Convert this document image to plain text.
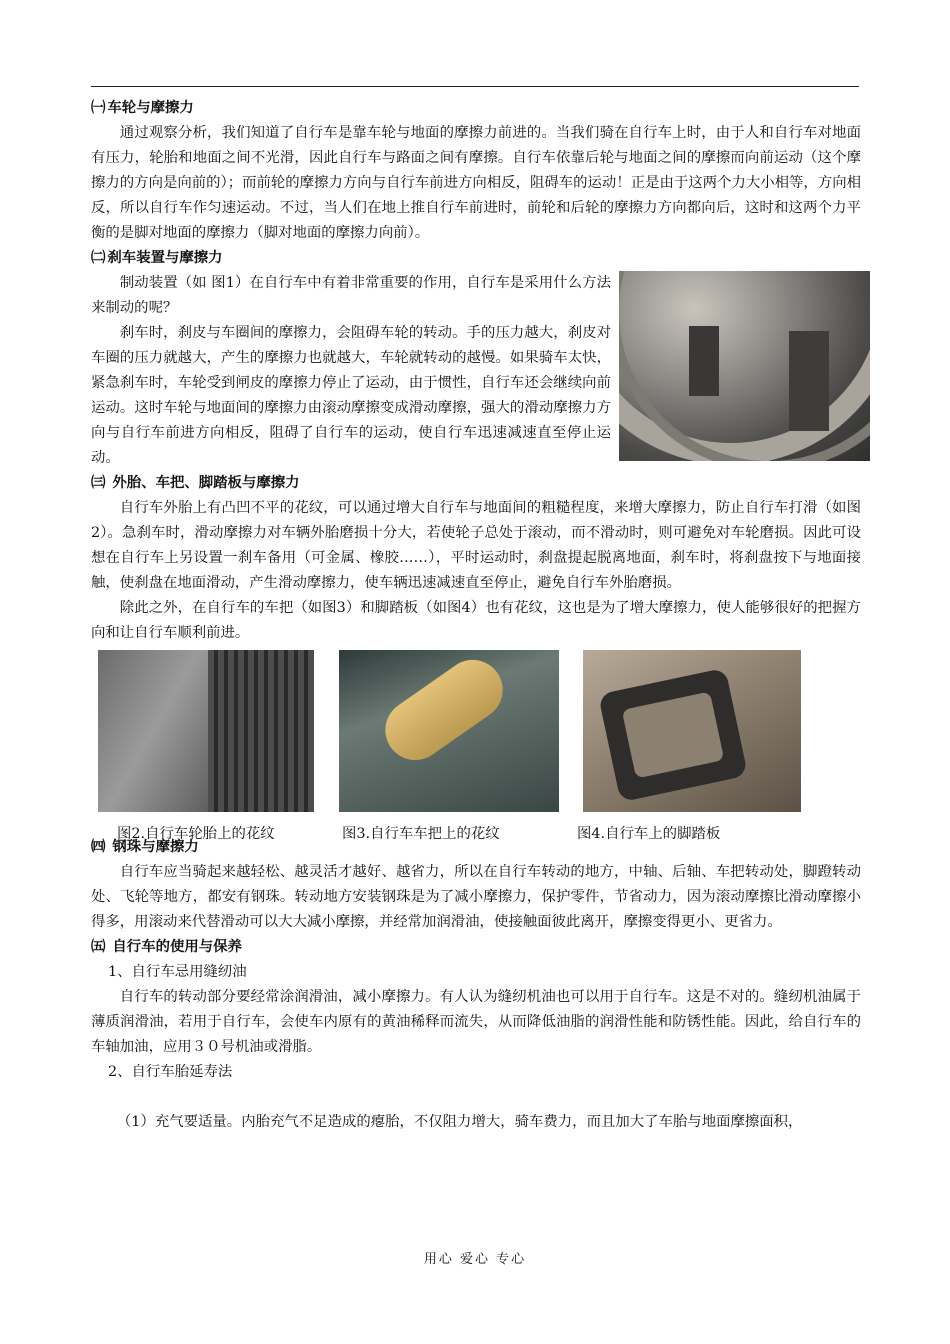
㈠ 车轮与摩擦力

通过观察分析，我们知道了自行车是靠车轮与地面的摩擦力前进的。当我们骑在自行车上时，由于人和自行车对地面有压力，轮胎和地面之间不光滑，因此自行车与路面之间有摩擦。自行车依靠后轮与地面之间的摩擦而向前运动（这个摩擦力的方向是向前的）；而前轮的摩擦力方向与自行车前进方向相反，阻碍车的运动！正是由于这两个力大小相等，方向相反，所以自行车作匀速运动。不过，当人们在地上推自行车前进时，前轮和后轮的摩擦力方向都向后，这时和这两个力平衡的是脚对地面的摩擦力（脚对地面的摩擦力向前）。

㈡ 刹车装置与摩擦力

制动装置（如 图1）在自行车中有着非常重要的作用，自行车是采用什么方法来制动的呢？

刹车时，刹皮与车圈间的摩擦力，会阻碍车轮的转动。手的压力越大，刹皮对车圈的压力就越大，产生的摩擦力也就越大，车轮就转动的越慢。如果骑车太快，紧急刹车时，车轮受到闸皮的摩擦力停止了运动，由于惯性，自行车还会继续向前运动。这时车轮与地面间的摩擦力由滚动摩擦变成滑动摩擦，强大的滑动摩擦力方向与自行车前进方向相反，阻碍了自行车的运动，使自行车迅速减速直至停止运动。

㈢ 外胎、车把、脚踏板与摩擦力

自行车外胎上有凸凹不平的花纹，可以通过增大自行车与地面间的粗糙程度，来增大摩擦力，防止自行车打滑（如图2）。急刹车时，滑动摩擦力对车辆外胎磨损十分大，若使轮子总处于滚动，而不滑动时，则可避免对车轮磨损。因此可设想在自行车上另设置一刹车备用（可金属、橡胶……），平时运动时，刹盘提起脱离地面，刹车时，将刹盘按下与地面接触，使刹盘在地面滑动，产生滑动摩擦力，使车辆迅速减速直至停止，避免自行车外胎磨损。

除此之外，在自行车的车把（如图3）和脚踏板（如图4）也有花纹，这也是为了增大摩擦力，使人能够很好的把握方向和让自行车顺利前进。

图2.自行车轮胎上的花纹	图3.自行车车把上的花纹	图4.自行车上的脚踏板
㈣ 钢珠与摩擦力

自行车应当骑起来越轻松、越灵活才越好、越省力，所以在自行车转动的地方，中轴、后轴、车把转动处，脚蹬转动处、飞轮等地方，都安有钢珠。转动地方安装钢珠是为了减小摩擦力，保护零件，节省动力，因为滚动摩擦比滑动摩擦小得多，用滚动来代替滑动可以大大减小摩擦，并经常加润滑油，使接触面彼此离开，摩擦变得更小、更省力。

㈤ 自行车的使用与保养
1、自行车忌用缝纫油

自行车的转动部分要经常涂润滑油，减小摩擦力。有人认为缝纫机油也可以用于自行车。这是不对的。缝纫机油属于薄质润滑油，若用于自行车，会使车内原有的黄油稀释而流失，从而降低油脂的润滑性能和防锈性能。因此，给自行车的车轴加油，应用３０号机油或滑脂。

2、自行车胎延寿法

（1）充气要适量。内胎充气不足造成的瘪胎，不仅阻力增大，骑车费力，而且加大了车胎与地面摩擦面积，

用心 爱心 专心
